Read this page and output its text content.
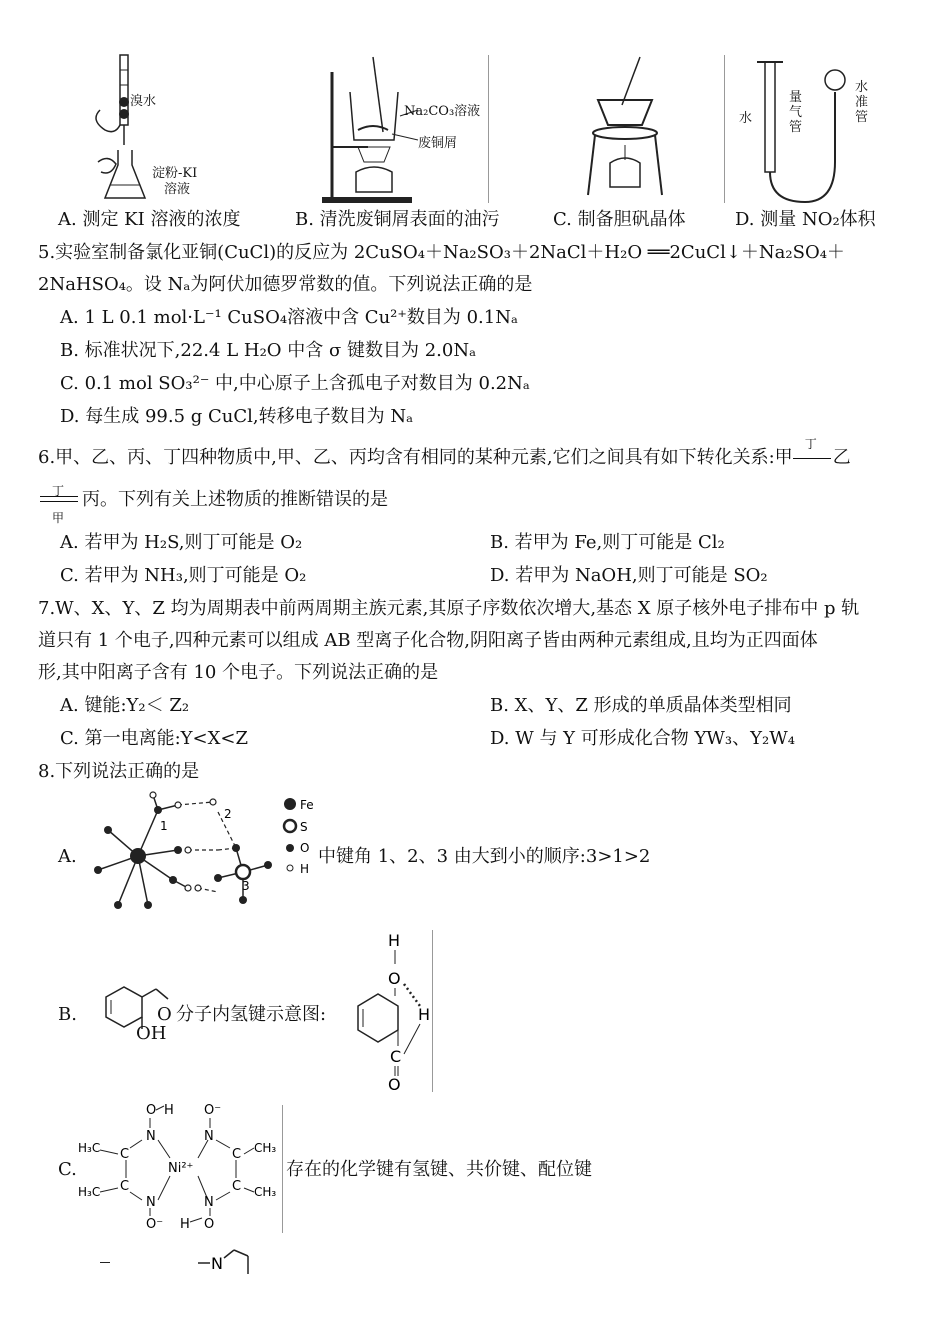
溴水
淀粉-KI
溶液
Na₂CO₃溶液
废铜屑
水
量气管
水准管
A. 测定 KI 溶液的浓度	B. 清洗废铜屑表面的油污	C. 制备胆矾晶体	D. 测量 NO₂体积
5.实验室制备氯化亚铜(CuCl)的反应为 2CuSO₄＋Na₂SO₃＋2NaCl＋H₂O ══2CuCl↓＋Na₂SO₄＋
2NaHSO₄。设 Nₐ为阿伏加德罗常数的值。下列说法正确的是
A. 1 L 0.1 mol·L⁻¹ CuSO₄溶液中含 Cu²⁺数目为 0.1Nₐ
B. 标准状况下,22.4 L H₂O 中含 σ 键数目为 2.0Nₐ
C. 0.1 mol SO₃²⁻ 中,中心原子上含孤电子对数目为 0.2Nₐ
D. 每生成 99.5 g CuCl,转移电子数目为 Nₐ
6.甲、乙、丙、丁四种物质中,甲、乙、丙均含有相同的某种元素,它们之间具有如下转化关系:甲
丁
乙
丁
甲
丙。下列有关上述物质的推断错误的是
A. 若甲为 H₂S,则丁可能是 O₂	B. 若甲为 Fe,则丁可能是 Cl₂
C. 若甲为 NH₃,则丁可能是 O₂	D. 若甲为 NaOH,则丁可能是 SO₂
7.W、X、Y、Z 均为周期表中前两周期主族元素,其原子序数依次增大,基态 X 原子核外电子排布中 p 轨
道只有 1 个电子,四种元素可以组成 AB 型离子化合物,阴阳离子皆由两种元素组成,且均为正四面体
形,其中阳离子含有 10 个电子。下列说法正确的是
A. 键能:Y₂＜ Z₂	B. X、Y、Z 形成的单质晶体类型相同
C. 第一电离能:Y<X<Z	D. W 与 Y 可形成化合物 YW₃、Y₂W₄
8.下列说法正确的是
A.
1
2
3
Fe
S
O
H
中键角 1、2、3 由大到小的顺序:3>1>2
B.	O
OH
分子内氢键示意图:
H
O
H
C
O
C.
O H
N
C
C
N
O⁻
H₃C
H₃C
Ni²⁺
O⁻
N
C
C
N
O
H
CH₃
CH₃
存在的化学键有氢键、共价键、配位键
N
